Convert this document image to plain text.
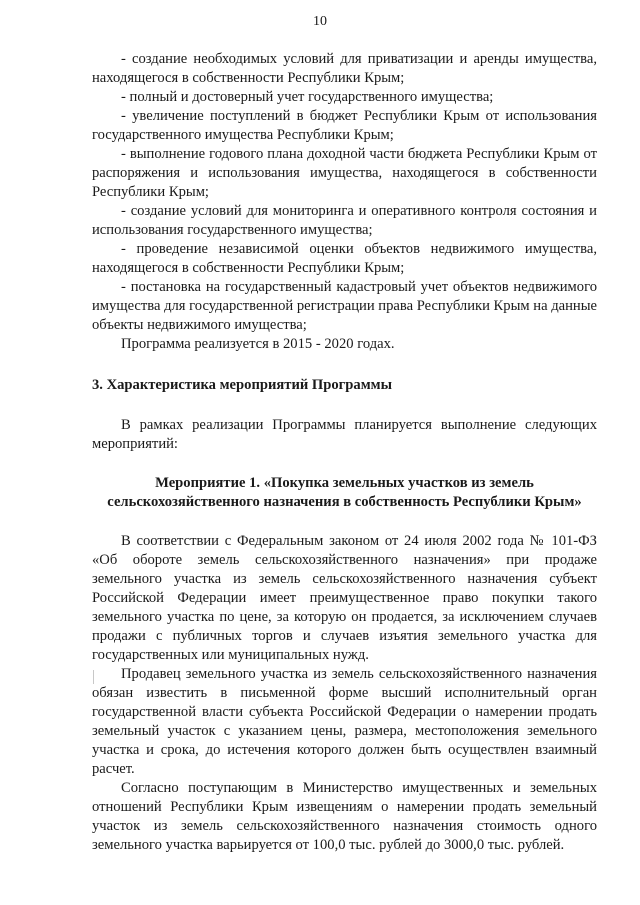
10

- создание необходимых условий для приватизации и аренды имущества, находящегося в собственности Республики Крым;

- полный и достоверный учет государственного имущества;

- увеличение поступлений в бюджет Республики Крым от использования государственного имущества Республики Крым;

- выполнение годового плана доходной части бюджета Республики Крым от распоряжения и использования имущества, находящегося в собственности Республики Крым;

- создание условий для мониторинга и оперативного контроля состояния и использования государственного имущества;

- проведение независимой оценки объектов недвижимого имущества, находящегося в собственности Республики Крым;

- постановка на государственный кадастровый учет объектов недвижимого имущества для государственной регистрации права Республики Крым на данные объекты недвижимого имущества;

Программа реализуется в 2015 - 2020 годах.

3. Характеристика мероприятий Программы

В рамках реализации Программы планируется выполнение следующих мероприятий:

Мероприятие 1. «Покупка земельных участков из земель
сельскохозяйственного назначения в собственность Республики Крым»

В соответствии с Федеральным законом от 24 июля 2002 года № 101-ФЗ «Об обороте земель сельскохозяйственного назначения» при продаже земельного участка из земель сельскохозяйственного назначения субъект Российской Федерации имеет преимущественное право покупки такого земельного участка по цене, за которую он продается, за исключением случаев продажи с публичных торгов и случаев изъятия земельного участка для государственных или муниципальных нужд.

Продавец земельного участка из земель сельскохозяйственного назначения обязан известить в письменной форме высший исполнительный орган государственной власти субъекта Российской Федерации о намерении продать земельный участок с указанием цены, размера, местоположения земельного участка и срока, до истечения которого должен быть осуществлен взаимный расчет.

Согласно поступающим в Министерство имущественных и земельных отношений Республики Крым извещениям о намерении продать земельный участок из земель сельскохозяйственного назначения стоимость одного земельного участка варьируется от 100,0 тыс. рублей до 3000,0 тыс. рублей.
